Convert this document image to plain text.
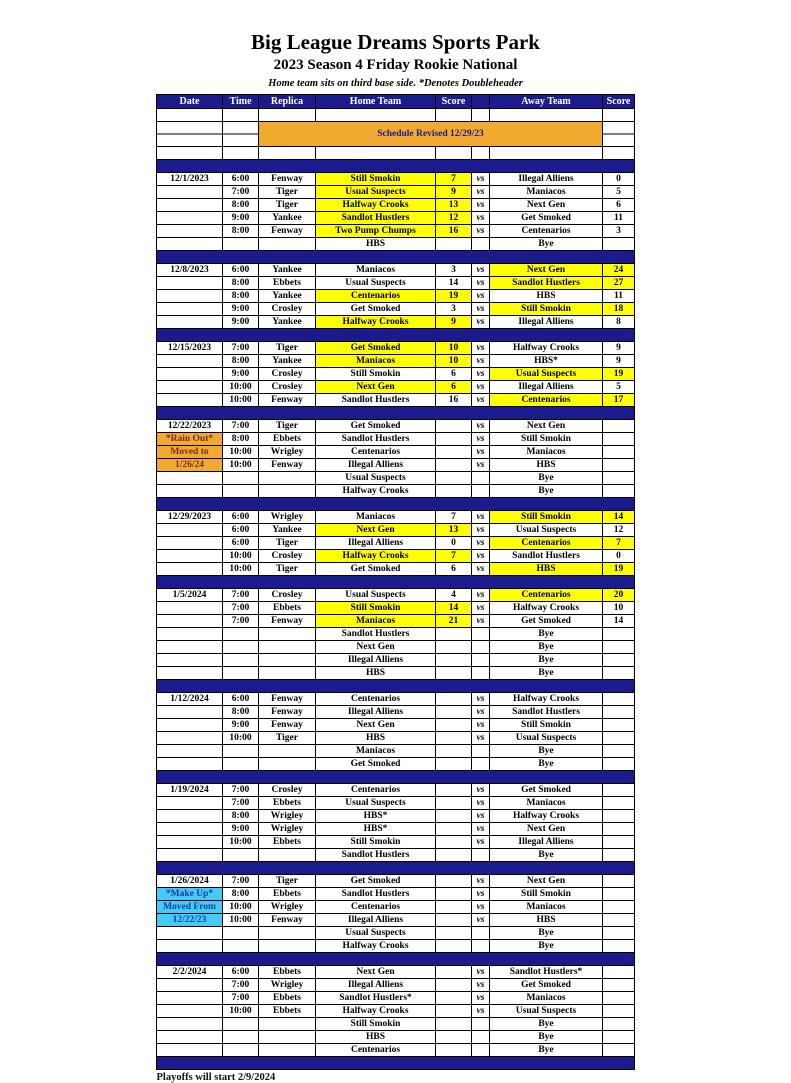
Big League Dreams Sports Park
2023 Season 4 Friday Rookie National
Home team sits on third base side. *Denotes Doubleheader
Date	Time	Replica	Home Team	Score		Away Team	Score

		Schedule Revised 12/29/23					

12/1/2023	6:00	Fenway	Still Smokin	7	vs	Illegal Alliens	0
	7:00	Tiger	Usual Suspects	9	vs	Maniacos	5
	8:00	Tiger	Halfway Crooks	13	vs	Next Gen	6
	9:00	Yankee	Sandlot Hustlers	12	vs	Get Smoked	11
	8:00	Fenway	Two Pump Chumps	16	vs	Centenarios	3
			HBS			Bye	

12/8/2023	6:00	Yankee	Maniacos	3	vs	Next Gen	24
	8:00	Ebbets	Usual Suspects	14	vs	Sandlot Hustlers	27
	8:00	Yankee	Centenarios	19	vs	HBS	11
	9:00	Crosley	Get Smoked	3	vs	Still Smokin	18
	9:00	Yankee	Halfway Crooks	9	vs	Illegal Alliens	8

12/15/2023	7:00	Tiger	Get Smoked	10	vs	Halfway Crooks	9
	8:00	Yankee	Maniacos	10	vs	HBS*	9
	9:00	Crosley	Still Smokin	6	vs	Usual Suspects	19
	10:00	Crosley	Next Gen	6	vs	Illegal Alliens	5
	10:00	Fenway	Sandlot Hustlers	16	vs	Centenarios	17

12/22/2023	7:00	Tiger	Get Smoked		vs	Next Gen	
*Rain Out*	8:00	Ebbets	Sandlot Hustlers		vs	Still Smokin	
Moved to	10:00	Wrigley	Centenarios		vs	Maniacos	
1/26/24	10:00	Fenway	Illegal Alliens		vs	HBS	
			Usual Suspects			Bye	
			Halfway Crooks			Bye	

12/29/2023	6:00	Wrigley	Maniacos	7	vs	Still Smokin	14
	6:00	Yankee	Next Gen	13	vs	Usual Suspects	12
	6:00	Tiger	Illegal Alliens	0	vs	Centenarios	7
	10:00	Crosley	Halfway Crooks	7	vs	Sandlot Hustlers	0
	10:00	Tiger	Get Smoked	6	vs	HBS	19

1/5/2024	7:00	Crosley	Usual Suspects	4	vs	Centenarios	20
	7:00	Ebbets	Still Smokin	14	vs	Halfway Crooks	10
	7:00	Fenway	Maniacos	21	vs	Get Smoked	14
			Sandlot Hustlers			Bye	
			Next Gen			Bye	
			Illegal Alliens			Bye	
			HBS			Bye	

1/12/2024	6:00	Fenway	Centenarios		vs	Halfway Crooks	
	8:00	Fenway	Illegal Alliens		vs	Sandlot Hustlers	
	9:00	Fenway	Next Gen		vs	Still Smokin	
	10:00	Tiger	HBS		vs	Usual Suspects	
			Maniacos			Bye	
			Get Smoked			Bye	

1/19/2024	7:00	Crosley	Centenarios		vs	Get Smoked	
	7:00	Ebbets	Usual Suspects		vs	Maniacos	
	8:00	Wrigley	HBS*		vs	Halfway Crooks	
	9:00	Wrigley	HBS*		vs	Next Gen	
	10:00	Ebbets	Still Smokin		vs	Illegal Alliens	
			Sandlot Hustlers			Bye	

1/26/2024	7:00	Tiger	Get Smoked		vs	Next Gen	
*Make Up*	8:00	Ebbets	Sandlot Hustlers		vs	Still Smokin	
Moved From	10:00	Wrigley	Centenarios		vs	Maniacos	
12/22/23	10:00	Fenway	Illegal Alliens		vs	HBS	
			Usual Suspects			Bye	
			Halfway Crooks			Bye	

2/2/2024	6:00	Ebbets	Next Gen		vs	Sandlot Hustlers*	
	7:00	Wrigley	Illegal Alliens		vs	Get Smoked	
	7:00	Ebbets	Sandlot Hustlers*		vs	Maniacos	
	10:00	Ebbets	Halfway Crooks		vs	Usual Suspects	
			Still Smokin			Bye	
			HBS			Bye	
			Centenarios			Bye	

Playoffs will start 2/9/2024
